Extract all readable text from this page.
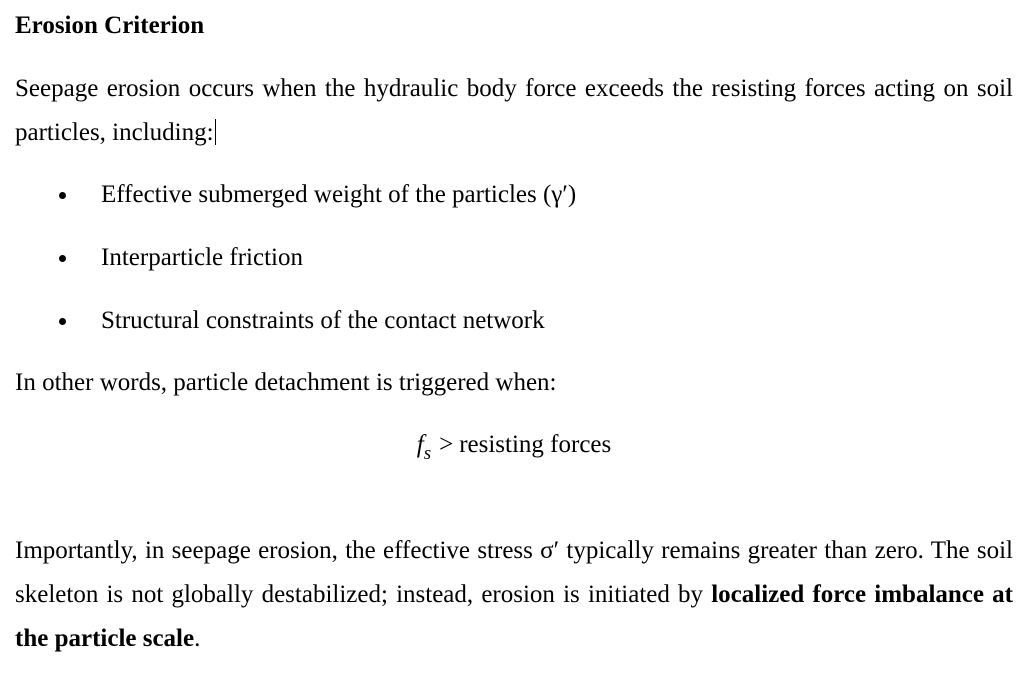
Erosion Criterion
Seepage erosion occurs when the hydraulic body force exceeds the resisting forces acting on soil particles, including:
Effective submerged weight of the particles (γ′)
Interparticle friction
Structural constraints of the contact network
In other words, particle detachment is triggered when:
$f_s$ > resisting forces
Importantly, in seepage erosion, the effective stress σ′ typically remains greater than zero. The soil skeleton is not globally destabilized; instead, erosion is initiated by localized force imbalance at the particle scale.
